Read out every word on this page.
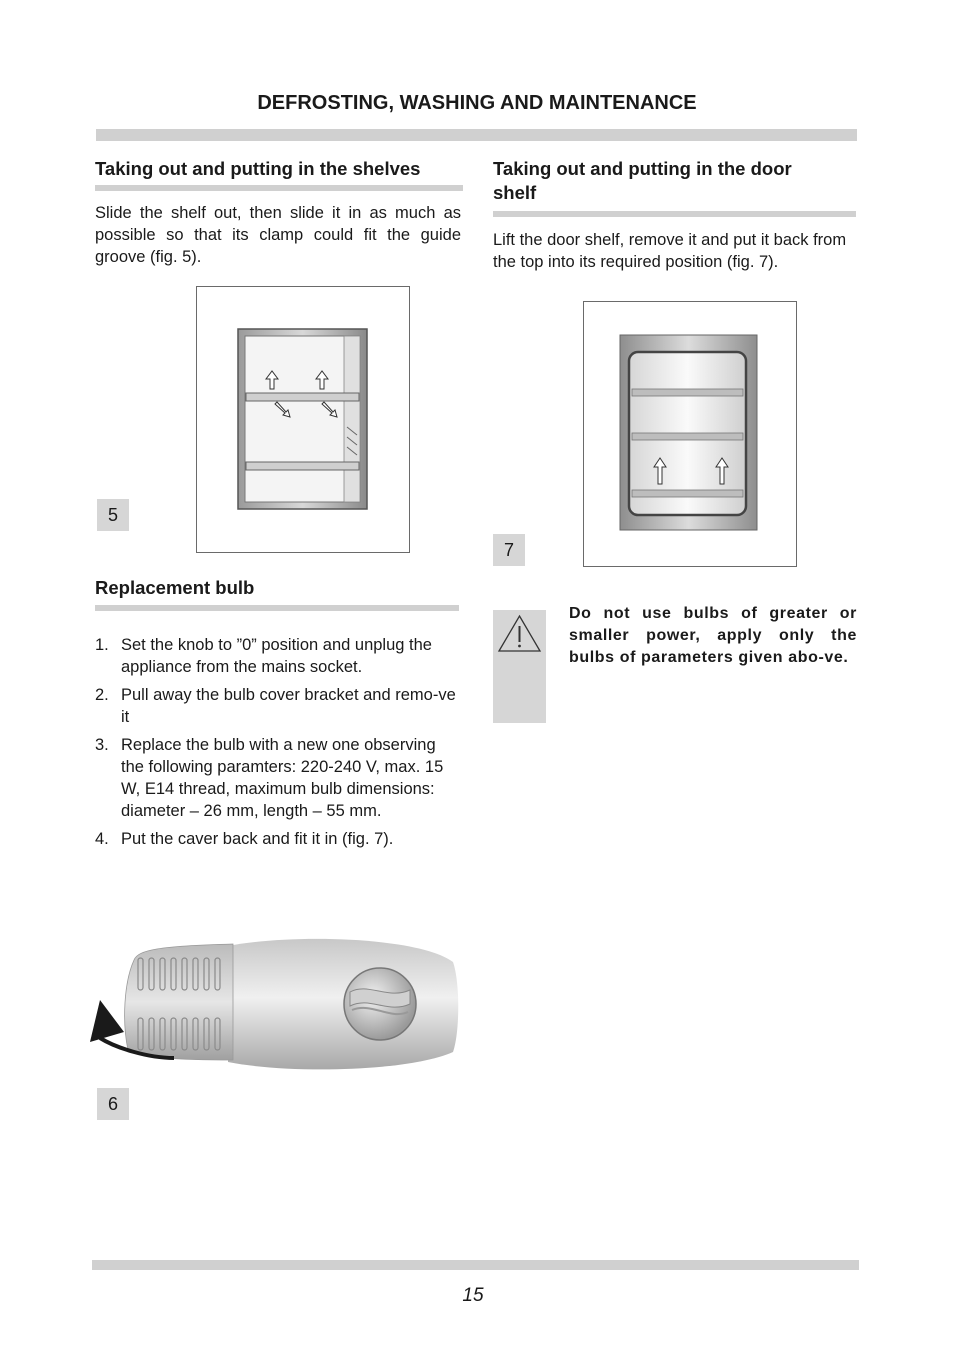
DEFROSTING, WASHING AND MAINTENANCE
Taking out and putting in the shelves
Slide the shelf out, then slide it in as much as possible so that its clamp could fit the guide groove (fig. 5).
5
Taking out and putting in the door shelf
Lift the door shelf, remove it and put it back from the top into its required position (fig. 7).
7
Replacement bulb
1. Set the knob to ”0” position and unplug the appliance from the mains socket.
2. Pull away the bulb cover bracket and remo-ve it
3. Replace the bulb with a new one observing the following paramters: 220-240 V, max. 15 W, E14 thread, maximum bulb dimensions: diameter – 26 mm, length – 55 mm.
4. Put the caver back and fit it in (fig. 7).
Do not use bulbs of greater or smaller power, apply only the bulbs of parameters given abo-ve.
6
15
